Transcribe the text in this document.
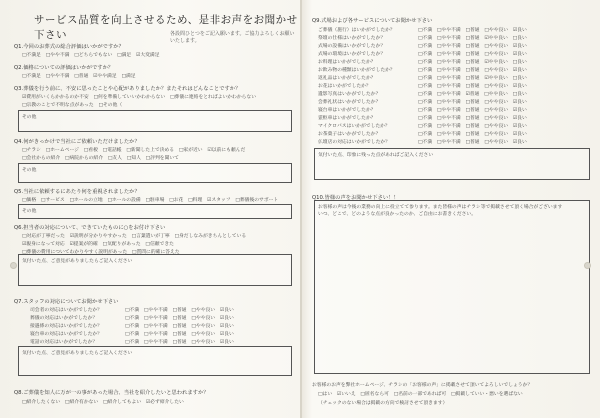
サービス品質を向上させるため、是非お声をお聞かせ下さい	各設問ひとつをご記入願います。ご協力よろしくお願いいたします。
Q1.今回のお葬式の総合評価はいかがですか？
□不満足　□やや不満　□どちらでもない　□満足　☑大変満足
Q2.価格についての評価はいかがですか？
□不満足　□やや不満　□普通　☑やや満足　□満足
Q3.葬儀を行う前に、不安に思ったことや心配がありましたか？またそれはどんなことですか？
☑費用がいくらかかるのか不安　□何を準備していいかわからない　□葬儀に連絡をとればよいかわからない
□宗教のことで不明な点があった　□その他（
その他
Q4.何がきっかけで当社にご依頼いただけましたか？
□チラシ　□ホームページ　□看板　□電話帳　□新聞した上で決める　□家が近い　☑以前にも頼んだ
□会社からの紹介　□病院からの紹介　□友人　□知人　□評判を聞いて
その他
Q5.当社に依頼するにあたり何を重視されましたか？
□価格　□サービス　□ホールの立地　□ホールの設備　□駐車場　□お花　□料理　☑スタッフ　□葬儀後のサポート
その他
Q6.担当者の対応について、できていたものに○をお付け下さい
□対応が丁寧だった　☑説明が分かりやすかった　□言葉遣いが丁寧　□身だしなみがきちんとしている
☑親身になって対応　☑提案が的確　□気配りがあった　□信頼できた
□葬儀の費用についてわかりやすく説明があった　□質問に的確に答えた
気付いた点、ご意見がありましたらご記入ください
Q7.スタッフの対応についてお聞かせ下さい
司会者の対応はいかがでしたか？	□不満　□やや不満　□普通　□やや良い　☑良い
葬儀の対応はいかがでしたか？	□不満　□やや不満　□普通　□やや良い　☑良い
接遇係の対応はいかがでしたか？	□不満　□やや不満　□普通　□やや良い　☑良い
寝台車の対応はいかがでしたか？	□不満　□やや不満　□普通　□やや良い　☑良い
電話の対応はいかがでしたか？	□不満　□やや不満　□普通　□やや良い　☑良い
気付いた点、ご意見がありましたらご記入ください
Q8.ご葬儀を知人に万が一の事があった場合、当社を紹介したいと思われますか？
□紹介したくない　□紹介有かない　□紹介してもよい　☑必ず紹介したい
Q9.式場および各サービスについてお聞かせ下さい
ご葬儀（施行）はいかがでしたか？	□不満　□やや不満　□普通　□やや良い　☑良い
祭壇の仕様はいかがでしたか？	□不満　□やや不満　□普通　☑やや良い　□良い
式場の設備はいかがでしたか？	□不満　□やや不満　□普通　□やや良い　☑良い
式場の環境はいかがでしたか？	□不満　□やや不満　□普通　□やや良い　☑良い
お料理はいかがでしたか？	□不満　□やや不満　□普通　☑やや良い　□良い
お飲み物の種類はいかがでしたか？	□不満　□やや不満　□普通　□やや良い　☑良い
返礼品はいかがでしたか？	□不満　□やや不満　□普通　☑やや良い　□良い
お花はいかがでしたか？	□不満　□やや不満　□普通　□やや良い　☑良い
遺影写真はいかがでしたか？	□不満　□やや不満　☑普通　□やや良い　□良い
会葬礼状はいかがでしたか？	□不満　□やや不満　□普通　□やや良い　☑良い
寝台車はいかがでしたか？	□不満　□やや不満　□普通　□やや良い　☑良い
霊柩車はいかがでしたか？	□不満　□やや不満　□普通　□やや良い　☑良い
マイクロバスはいかがでしたか？	□不満　□やや不満　□普通　□やや良い　☑良い
お茶菓子はいかがでしたか？	□不満　□やや不満　□普通　□やや良い　☑良い
仏壇店の対応はいかがでしたか？	□不満　□やや不満　□普通　□やや良い　☑良い
気付いた点、印象に残った点があればご記入ください
Q10.皆様の声をお聞かせ下さい！！
お客様の声は今後の業務の向上に役立てて参ります。また皆様の声はチラシ等で掲載させて頂く場合がございます
いつ、どこで、どのような点が良かったのか、ご自由にお書きください。
お客様のお声を弊社ホームページ、チラシの「お客様の声」に掲載させて頂いてよろしいでしょうか？
□はい　☑いいえ　□匿名なら可　□名前の一部であれば可　□掲載していい・悪いを選ばない
（チェックのない場合は掲載の方向で検討させて頂きます）
